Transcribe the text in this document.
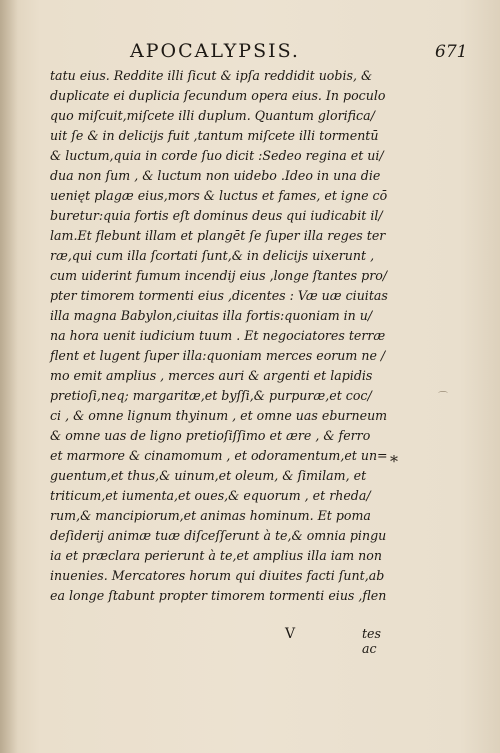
APOCALYPSIS.	671
tatu eius. Reddite illi ſicut & ipſa reddidit uobis, &
duplicate ei duplicia ſecundum opera eius. In poculo
quo miſcuit,miſcete illi duplum. Quantum glorifica/
uit ſe & in delicijs fuit ,tantum miſcete illi tormentū
& luctum,quia in corde ſuo dicit :Sedeo regina et ui/
dua non ſum , & luctum non uidebo .Ideo in una die
uenięt plagæ eius,mors & luctus et fames, et igne cō
buretur:quia fortis eſt dominus deus qui iudicabit il/
lam.Et flebunt illam et plangēt ſe ſuper illa reges ter
ræ,qui cum illa ſcortati ſunt,& in delicijs uixerunt ,
cum uiderint fumum incendij eius ,longe ſtantes pro/
pter timorem tormenti eius ,dicentes : Væ uæ ciuitas
illa magna Babylon,ciuitas illa fortis:quoniam in u/
na hora uenit iudicium tuum . Et negociatores terræ
flent et lugent ſuper illa:quoniam merces eorum ne /
mo emit amplius , merces auri & argenti et lapidis
pretioſi,neq; margaritæ,et byſſi,& purpuræ,et coc/
ci , & omne lignum thyinum , et omne uas eburneum
& omne uas de ligno pretioſiſſimo et ære , & ferro
et marmore & cinamomum , et odoramentum,et un=
guentum,et thus,& uinum,et oleum, & ſimilam, et
triticum,et iumenta,et oues,& equorum , et rheda/
rum,& mancipiorum,et animas hominum. Et poma
deſiderij animæ tuæ diſceſſerunt à te,& omnia pingu
ia et præclara perierunt à te,et amplius illa iam non
inuenies. Mercatores horum qui diuites facti ſunt,ab
ea longe ſtabunt propter timorem tormenti eius ,flen
*
⌒
V	tes ac
